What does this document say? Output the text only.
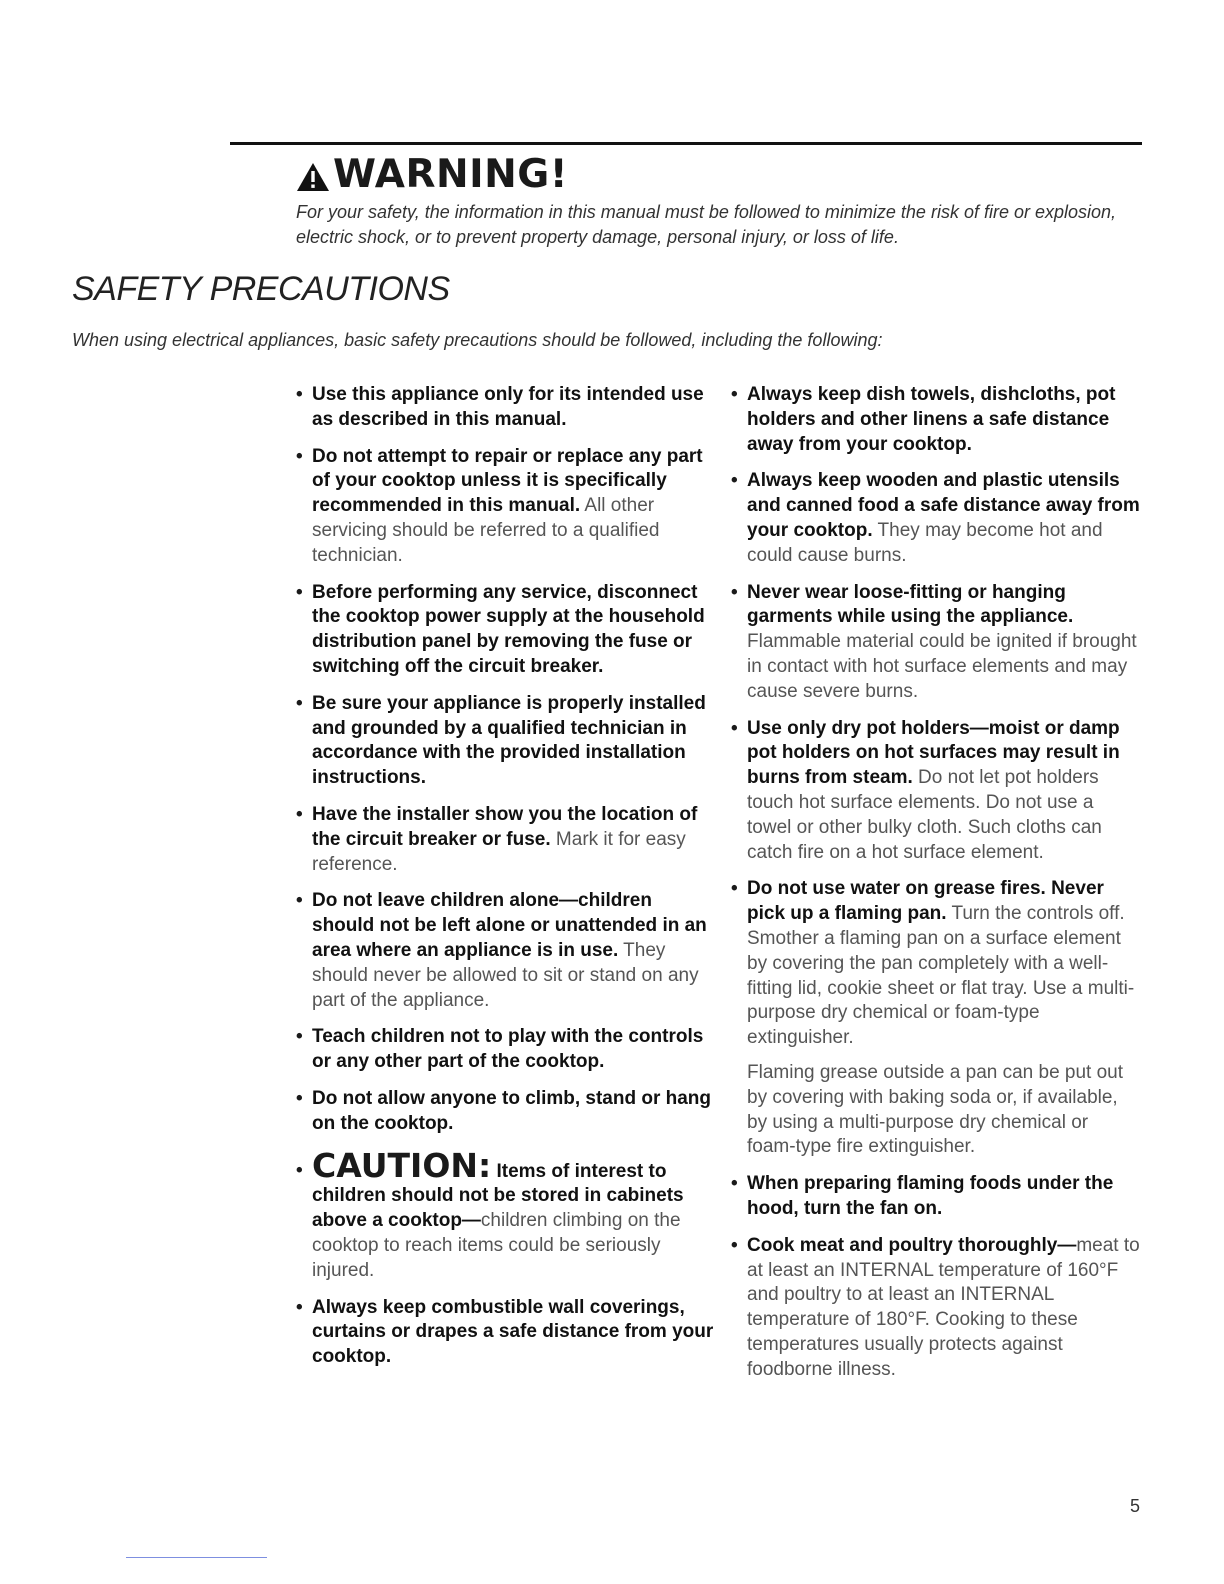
WARNING!
For your safety, the information in this manual must be followed to minimize the risk of fire or explosion, electric shock, or to prevent property damage, personal injury, or loss of life.
SAFETY PRECAUTIONS
When using electrical appliances, basic safety precautions should be followed, including the following:
• Use this appliance only for its intended use as described in this manual.
• Do not attempt to repair or replace any part of your cooktop unless it is specifically recommended in this manual. All other servicing should be referred to a qualified technician.
• Before performing any service, disconnect the cooktop power supply at the household distribution panel by removing the fuse or switching off the circuit breaker.
• Be sure your appliance is properly installed and grounded by a qualified technician in accordance with the provided installation instructions.
• Have the installer show you the location of the circuit breaker or fuse. Mark it for easy reference.
• Do not leave children alone—children should not be left alone or unattended in an area where an appliance is in use. They should never be allowed to sit or stand on any part of the appliance.
• Teach children not to play with the controls or any other part of the cooktop.
• Do not allow anyone to climb, stand or hang on the cooktop.
• CAUTION: Items of interest to children should not be stored in cabinets above a cooktop—children climbing on the cooktop to reach items could be seriously injured.
• Always keep combustible wall coverings, curtains or drapes a safe distance from your cooktop.
• Always keep dish towels, dishcloths, pot holders and other linens a safe distance away from your cooktop.
• Always keep wooden and plastic utensils and canned food a safe distance away from your cooktop. They may become hot and could cause burns.
• Never wear loose-fitting or hanging garments while using the appliance. Flammable material could be ignited if brought in contact with hot surface elements and may cause severe burns.
• Use only dry pot holders—moist or damp pot holders on hot surfaces may result in burns from steam. Do not let pot holders touch hot surface elements. Do not use a towel or other bulky cloth. Such cloths can catch fire on a hot surface element.
• Do not use water on grease fires. Never pick up a flaming pan. Turn the controls off. Smother a flaming pan on a surface element by covering the pan completely with a well-fitting lid, cookie sheet or flat tray. Use a multi-purpose dry chemical or foam-type extinguisher.
Flaming grease outside a pan can be put out by covering with baking soda or, if available, by using a multi-purpose dry chemical or foam-type fire extinguisher.
• When preparing flaming foods under the hood, turn the fan on.
• Cook meat and poultry thoroughly—meat to at least an INTERNAL temperature of 160°F and poultry to at least an INTERNAL temperature of 180°F. Cooking to these temperatures usually protects against foodborne illness.
5
